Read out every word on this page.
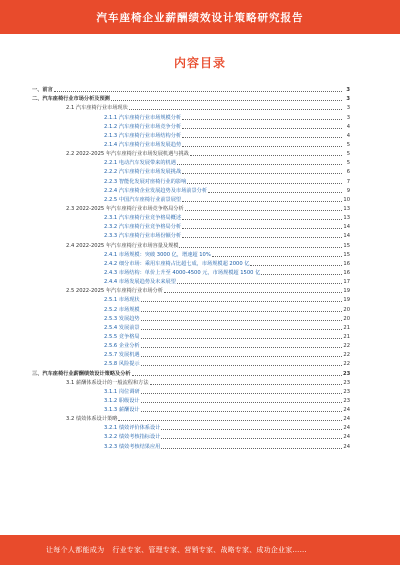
汽车座椅企业薪酬绩效设计策略研究报告
内容目录
一、前言	3
二、汽车座椅行业市场分析及预测	3
2.1 汽车座椅行业市场现状	3
2.1.1 汽车座椅行业市场规模分析	3
2.1.2 汽车座椅行业市场竞争分析	4
2.1.3 汽车座椅行业市场结构分析	4
2.1.4 汽车座椅行业市场发展趋势	5
2.2 2022-2025 年汽车座椅行业市场发展机遇与挑战	5
2.2.1 电动汽车发展带来的机遇	5
2.2.2 汽车座椅行业市场发展挑战	6
2.2.3 智能化发展对座椅行业的影响	7
2.2.4 汽车座椅企业发展趋势及市场前景分析	9
2.2.5 中国汽车座椅行业前景展望	10
2.3 2022-2025 年汽车座椅行业市场竞争格局分析	13
2.3.1 汽车座椅行业竞争格局概述	13
2.3.2 汽车座椅行业竞争格局分析	14
2.3.3 汽车座椅行业市场份额分析	14
2.4 2022-2025 年汽车座椅行业市场容量及规模	15
2.4.1 市场规模：突破 3000 亿，增速超 10%	15
2.4.2 细分市场：乘用车座椅占比超七成，市场规模超 2000 亿	16
2.4.3 市场结构：单价上升至 4000-4500 元，市场规模超 1500 亿	16
2.4.4 市场发展趋势及未来展望	17
2.5 2022-2025 年汽车座椅行业市场分析	19
2.5.1 市场现状	19
2.5.2 市场规模	20
2.5.3 发展趋势	20
2.5.4 发展前景	21
2.5.5 竞争格局	21
2.5.6 企业分析	22
2.5.7 发展机遇	22
2.5.8 风险提示	22
三、汽车座椅行业薪酬绩效设计策略及分析	23
3.1 薪酬体系设计的一般流程和方法	23
3.1.1 岗位调研	23
3.1.2 职级设计	23
3.1.3 薪酬设计	24
3.2 绩效体系设计策略	24
3.2.1 绩效评价体系设计	24
3.2.2 绩效考核指标设计	24
3.2.3 绩效考核结果应用	24
让每个人都能成为 行业专家、管理专家、营销专家、战略专家、成功企业家……
